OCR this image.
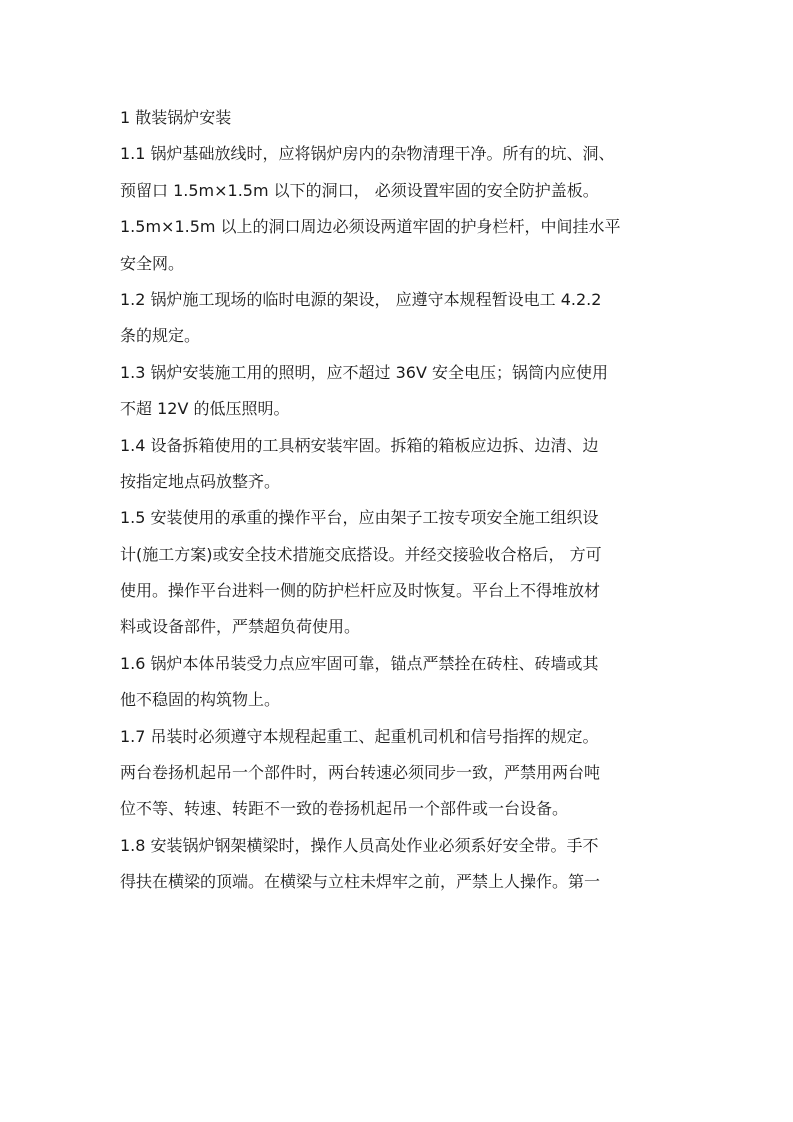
1 散装锅炉安装
1.1 锅炉基础放线时，应将锅炉房内的杂物清理干净。所有的坑、洞、
预留口 1.5m×1.5m 以下的洞口， 必须设置牢固的安全防护盖板。
1.5m×1.5m 以上的洞口周边必须设两道牢固的护身栏杆，中间挂水平
安全网。
1.2 锅炉施工现场的临时电源的架设， 应遵守本规程暂设电工 4.2.2
条的规定。
1.3 锅炉安装施工用的照明，应不超过 36V 安全电压；锅筒内应使用
不超 12V 的低压照明。
1.4 设备拆箱使用的工具柄安装牢固。拆箱的箱板应边拆、边清、边
按指定地点码放整齐。
1.5 安装使用的承重的操作平台，应由架子工按专项安全施工组织设
计(施工方案)或安全技术措施交底搭设。并经交接验收合格后， 方可
使用。操作平台进料一侧的防护栏杆应及时恢复。平台上不得堆放材
料或设备部件，严禁超负荷使用。
1.6 锅炉本体吊装受力点应牢固可靠，锚点严禁拴在砖柱、砖墙或其
他不稳固的构筑物上。
1.7 吊装时必须遵守本规程起重工、起重机司机和信号指挥的规定。
两台卷扬机起吊一个部件时，两台转速必须同步一致，严禁用两台吨
位不等、转速、转距不一致的卷扬机起吊一个部件或一台设备。
1.8 安装锅炉钢架横梁时，操作人员高处作业必须系好安全带。手不
得扶在横梁的顶端。在横梁与立柱未焊牢之前，严禁上人操作。第一
